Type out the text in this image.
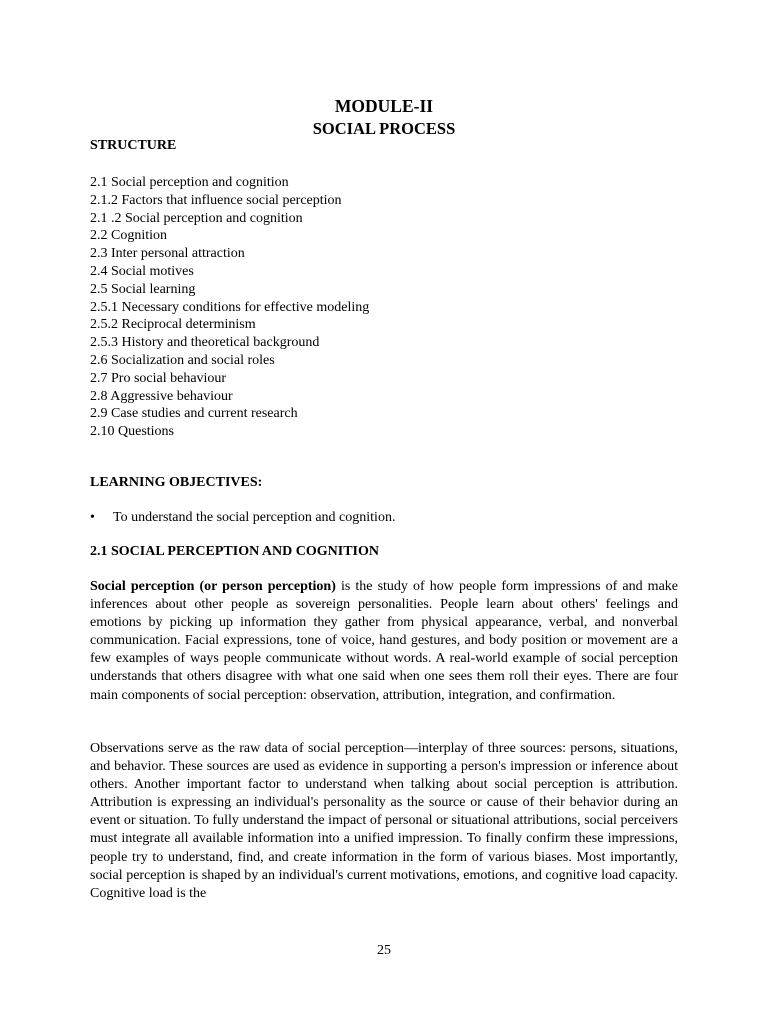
MODULE-II
SOCIAL PROCESS
STRUCTURE
2.1 Social perception and cognition
2.1.2 Factors that influence social perception
2.1 .2 Social perception and cognition
2.2 Cognition
2.3 Inter personal attraction
2.4 Social motives
2.5 Social learning
2.5.1 Necessary conditions for effective modeling
2.5.2 Reciprocal determinism
2.5.3 History and theoretical background
2.6 Socialization and social roles
2.7 Pro social behaviour
2.8 Aggressive behaviour
2.9 Case studies and current research
2.10 Questions
LEARNING OBJECTIVES:
•	To understand the social perception and cognition.
2.1 SOCIAL PERCEPTION AND COGNITION

Social perception (or person perception) is the study of how people form impressions of and make inferences about other people as sovereign personalities. People learn about others' feelings and emotions by picking up information they gather from physical appearance, verbal, and nonverbal communication. Facial expressions, tone of voice, hand gestures, and body position or movement are a few examples of ways people communicate without words. A real-world example of social perception understands that others disagree with what one said when one sees them roll their eyes. There are four main components of social perception: observation, attribution, integration, and confirmation.

Observations serve as the raw data of social perception—interplay of three sources: persons, situations, and behavior. These sources are used as evidence in supporting a person's impression or inference about others. Another important factor to understand when talking about social perception is attribution. Attribution is expressing an individual's personality as the source or cause of their behavior during an event or situation. To fully understand the impact of personal or situational attributions, social perceivers must integrate all available information into a unified impression. To finally confirm these impressions, people try to understand, find, and create information in the form of various biases. Most importantly, social perception is shaped by an individual's current motivations, emotions, and cognitive load capacity. Cognitive load is the

25
